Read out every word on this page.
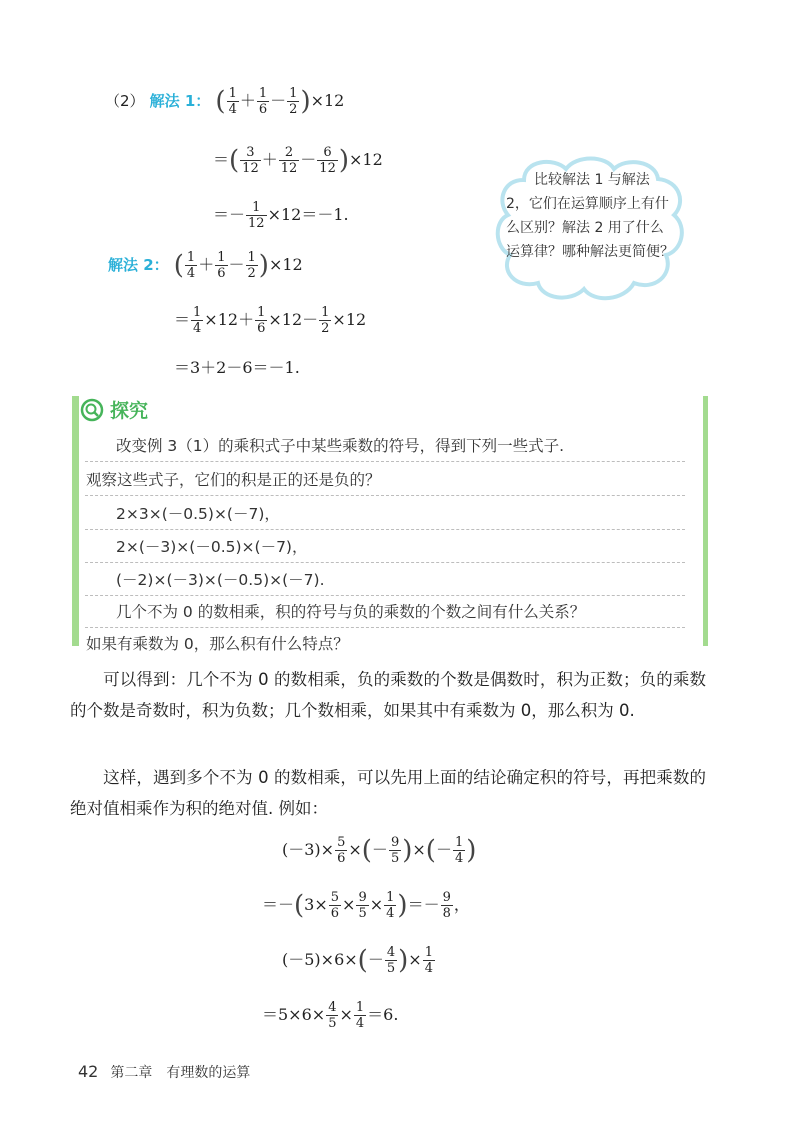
（2） 解法 1： ( $\frac{1}{4} + \frac{1}{6} - \frac{1}{2} )\times 12$
＝( $\frac{3}{12} + \frac{2}{12} - \frac{6}{12} )\times 12$
＝－ $\frac{1}{12} \times 12=-1$.
解法 2： ( $\frac{1}{4} + \frac{1}{6} - \frac{1}{2} )\times 12$
＝ $\frac{1}{4} \times 12+ \frac{1}{6} \times 12- \frac{1}{2} \times 12$
＝3＋2－6＝－1.
比较解法 1 与解法 2，它们在运算顺序上有什么区别？解法 2 用了什么运算律？哪种解法更简便？
探究
改变例 3（1）的乘积式子中某些乘数的符号，得到下列一些式子.
观察这些式子，它们的积是正的还是负的？
2×3×(－0.5)×(－7)，
2×(－3)×(－0.5)×(－7)，
(－2)×(－3)×(－0.5)×(－7).
几个不为 0 的数相乘，积的符号与负的乘数的个数之间有什么关系？
如果有乘数为 0，那么积有什么特点？
可以得到：几个不为 0 的数相乘，负的乘数的个数是偶数时，积为正数；负的乘数的个数是奇数时，积为负数；几个数相乘，如果其中有乘数为 0，那么积为 0.
这样，遇到多个不为 0 的数相乘，可以先用上面的结论确定积的符号，再把乘数的绝对值相乘作为积的绝对值. 例如：
$(-3)\times \frac{5}{6}$ ×(－ $\frac{9}{5}$ )×(－ $\frac{1}{4}$ )
$=-(3\times \frac{5}{6} \times \frac{9}{5} \times \frac{1}{4}$ )＝－ $\frac{9}{8}$ ，
$(-5)\times 6\times(- \frac{4}{5}$ )× $\frac{1}{4}$
$=5\times 6\times \frac{4}{5} \times \frac{1}{4} =6$.
42 第二章　有理数的运算
